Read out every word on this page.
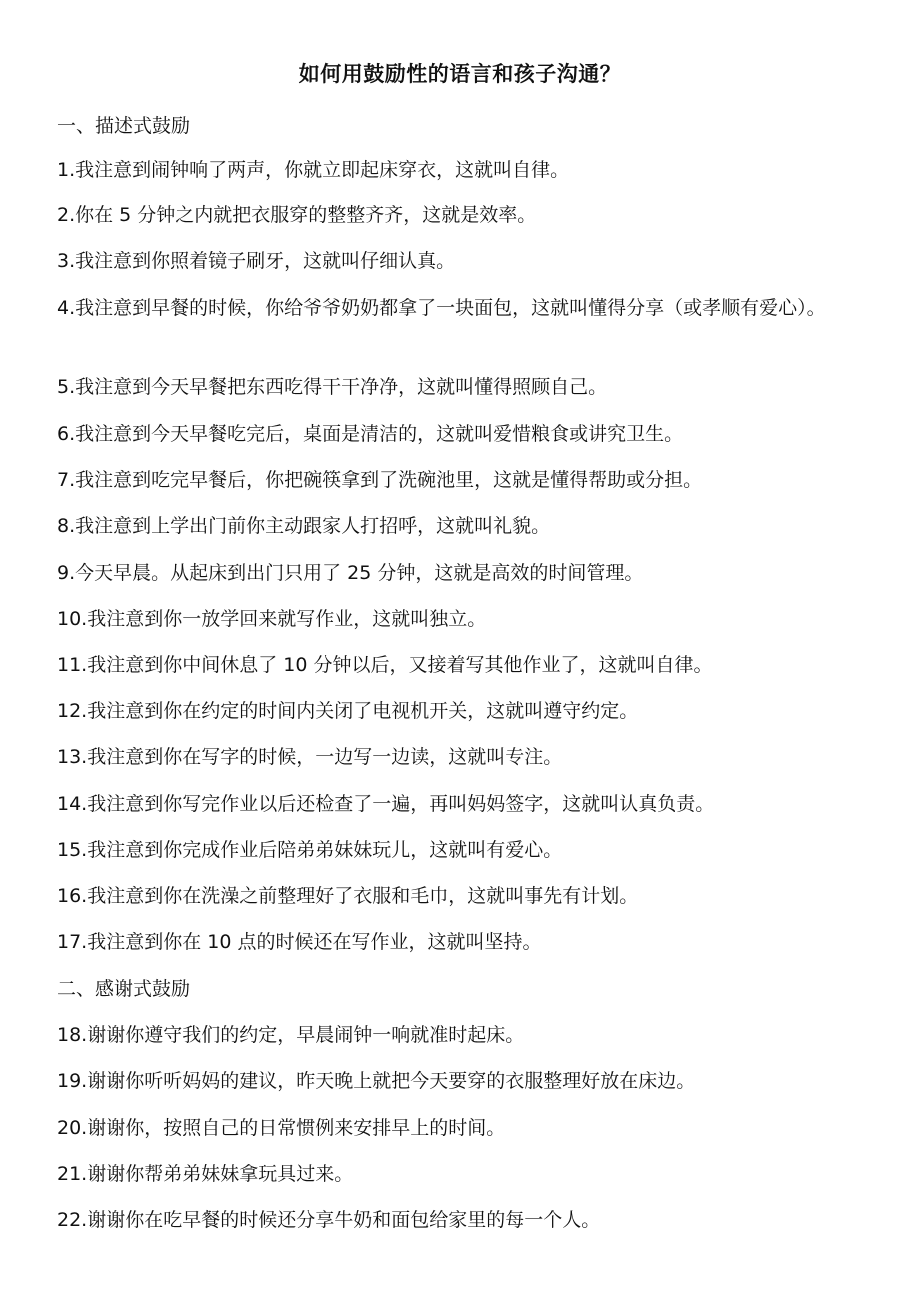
如何用鼓励性的语言和孩子沟通？
一、描述式鼓励
1.我注意到闹钟响了两声，你就立即起床穿衣，这就叫自律。
2.你在 5 分钟之内就把衣服穿的整整齐齐，这就是效率。
3.我注意到你照着镜子刷牙，这就叫仔细认真。
4.我注意到早餐的时候，你给爷爷奶奶都拿了一块面包，这就叫懂得分享（或孝顺有爱心）。
5.我注意到今天早餐把东西吃得干干净净，这就叫懂得照顾自己。
6.我注意到今天早餐吃完后，桌面是清洁的，这就叫爱惜粮食或讲究卫生。
7.我注意到吃完早餐后，你把碗筷拿到了洗碗池里，这就是懂得帮助或分担。
8.我注意到上学出门前你主动跟家人打招呼，这就叫礼貌。
9.今天早晨。从起床到出门只用了 25 分钟，这就是高效的时间管理。
10.我注意到你一放学回来就写作业，这就叫独立。
11.我注意到你中间休息了 10 分钟以后，又接着写其他作业了，这就叫自律。
12.我注意到你在约定的时间内关闭了电视机开关，这就叫遵守约定。
13.我注意到你在写字的时候，一边写一边读，这就叫专注。
14.我注意到你写完作业以后还检查了一遍，再叫妈妈签字，这就叫认真负责。
15.我注意到你完成作业后陪弟弟妹妹玩儿，这就叫有爱心。
16.我注意到你在洗澡之前整理好了衣服和毛巾，这就叫事先有计划。
17.我注意到你在 10 点的时候还在写作业，这就叫坚持。
二、感谢式鼓励
18.谢谢你遵守我们的约定，早晨闹钟一响就准时起床。
19.谢谢你听听妈妈的建议，昨天晚上就把今天要穿的衣服整理好放在床边。
20.谢谢你，按照自己的日常惯例来安排早上的时间。
21.谢谢你帮弟弟妹妹拿玩具过来。
22.谢谢你在吃早餐的时候还分享牛奶和面包给家里的每一个人。
